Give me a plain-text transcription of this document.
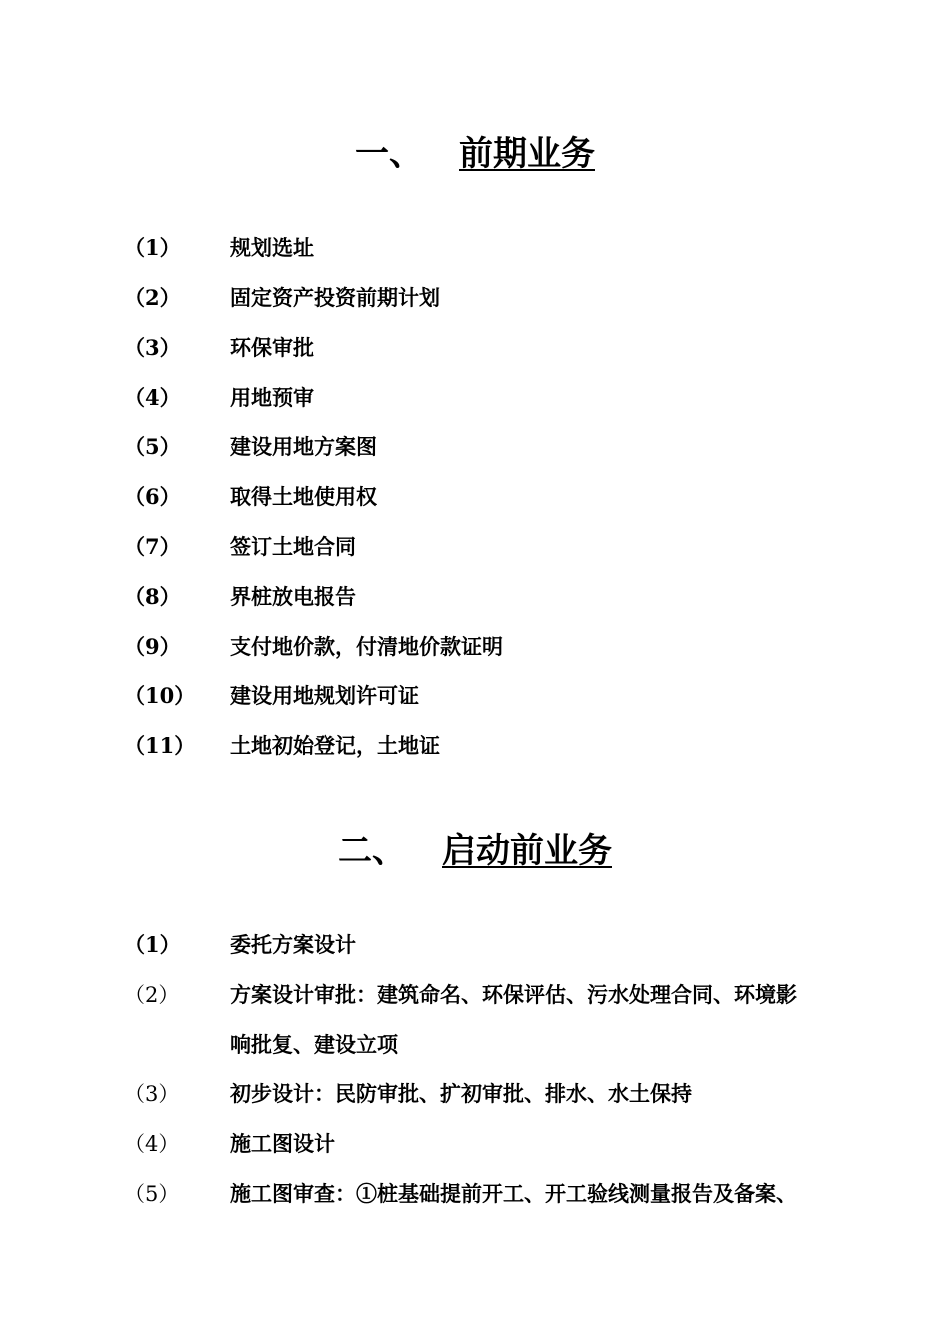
一、 前期业务
（1） 规划选址
（2） 固定资产投资前期计划
（3） 环保审批
（4） 用地预审
（5） 建设用地方案图
（6） 取得土地使用权
（7） 签订土地合同
（8） 界桩放电报告
（9） 支付地价款，付清地价款证明
（10） 建设用地规划许可证
（11） 土地初始登记，土地证
二、 启动前业务
（1） 委托方案设计
（2） 方案设计审批：建筑命名、环保评估、污水处理合同、环境影
响批复、建设立项
（3） 初步设计：民防审批、扩初审批、排水、水土保持
（4） 施工图设计
（5） 施工图审查：①桩基础提前开工、开工验线测量报告及备案、
